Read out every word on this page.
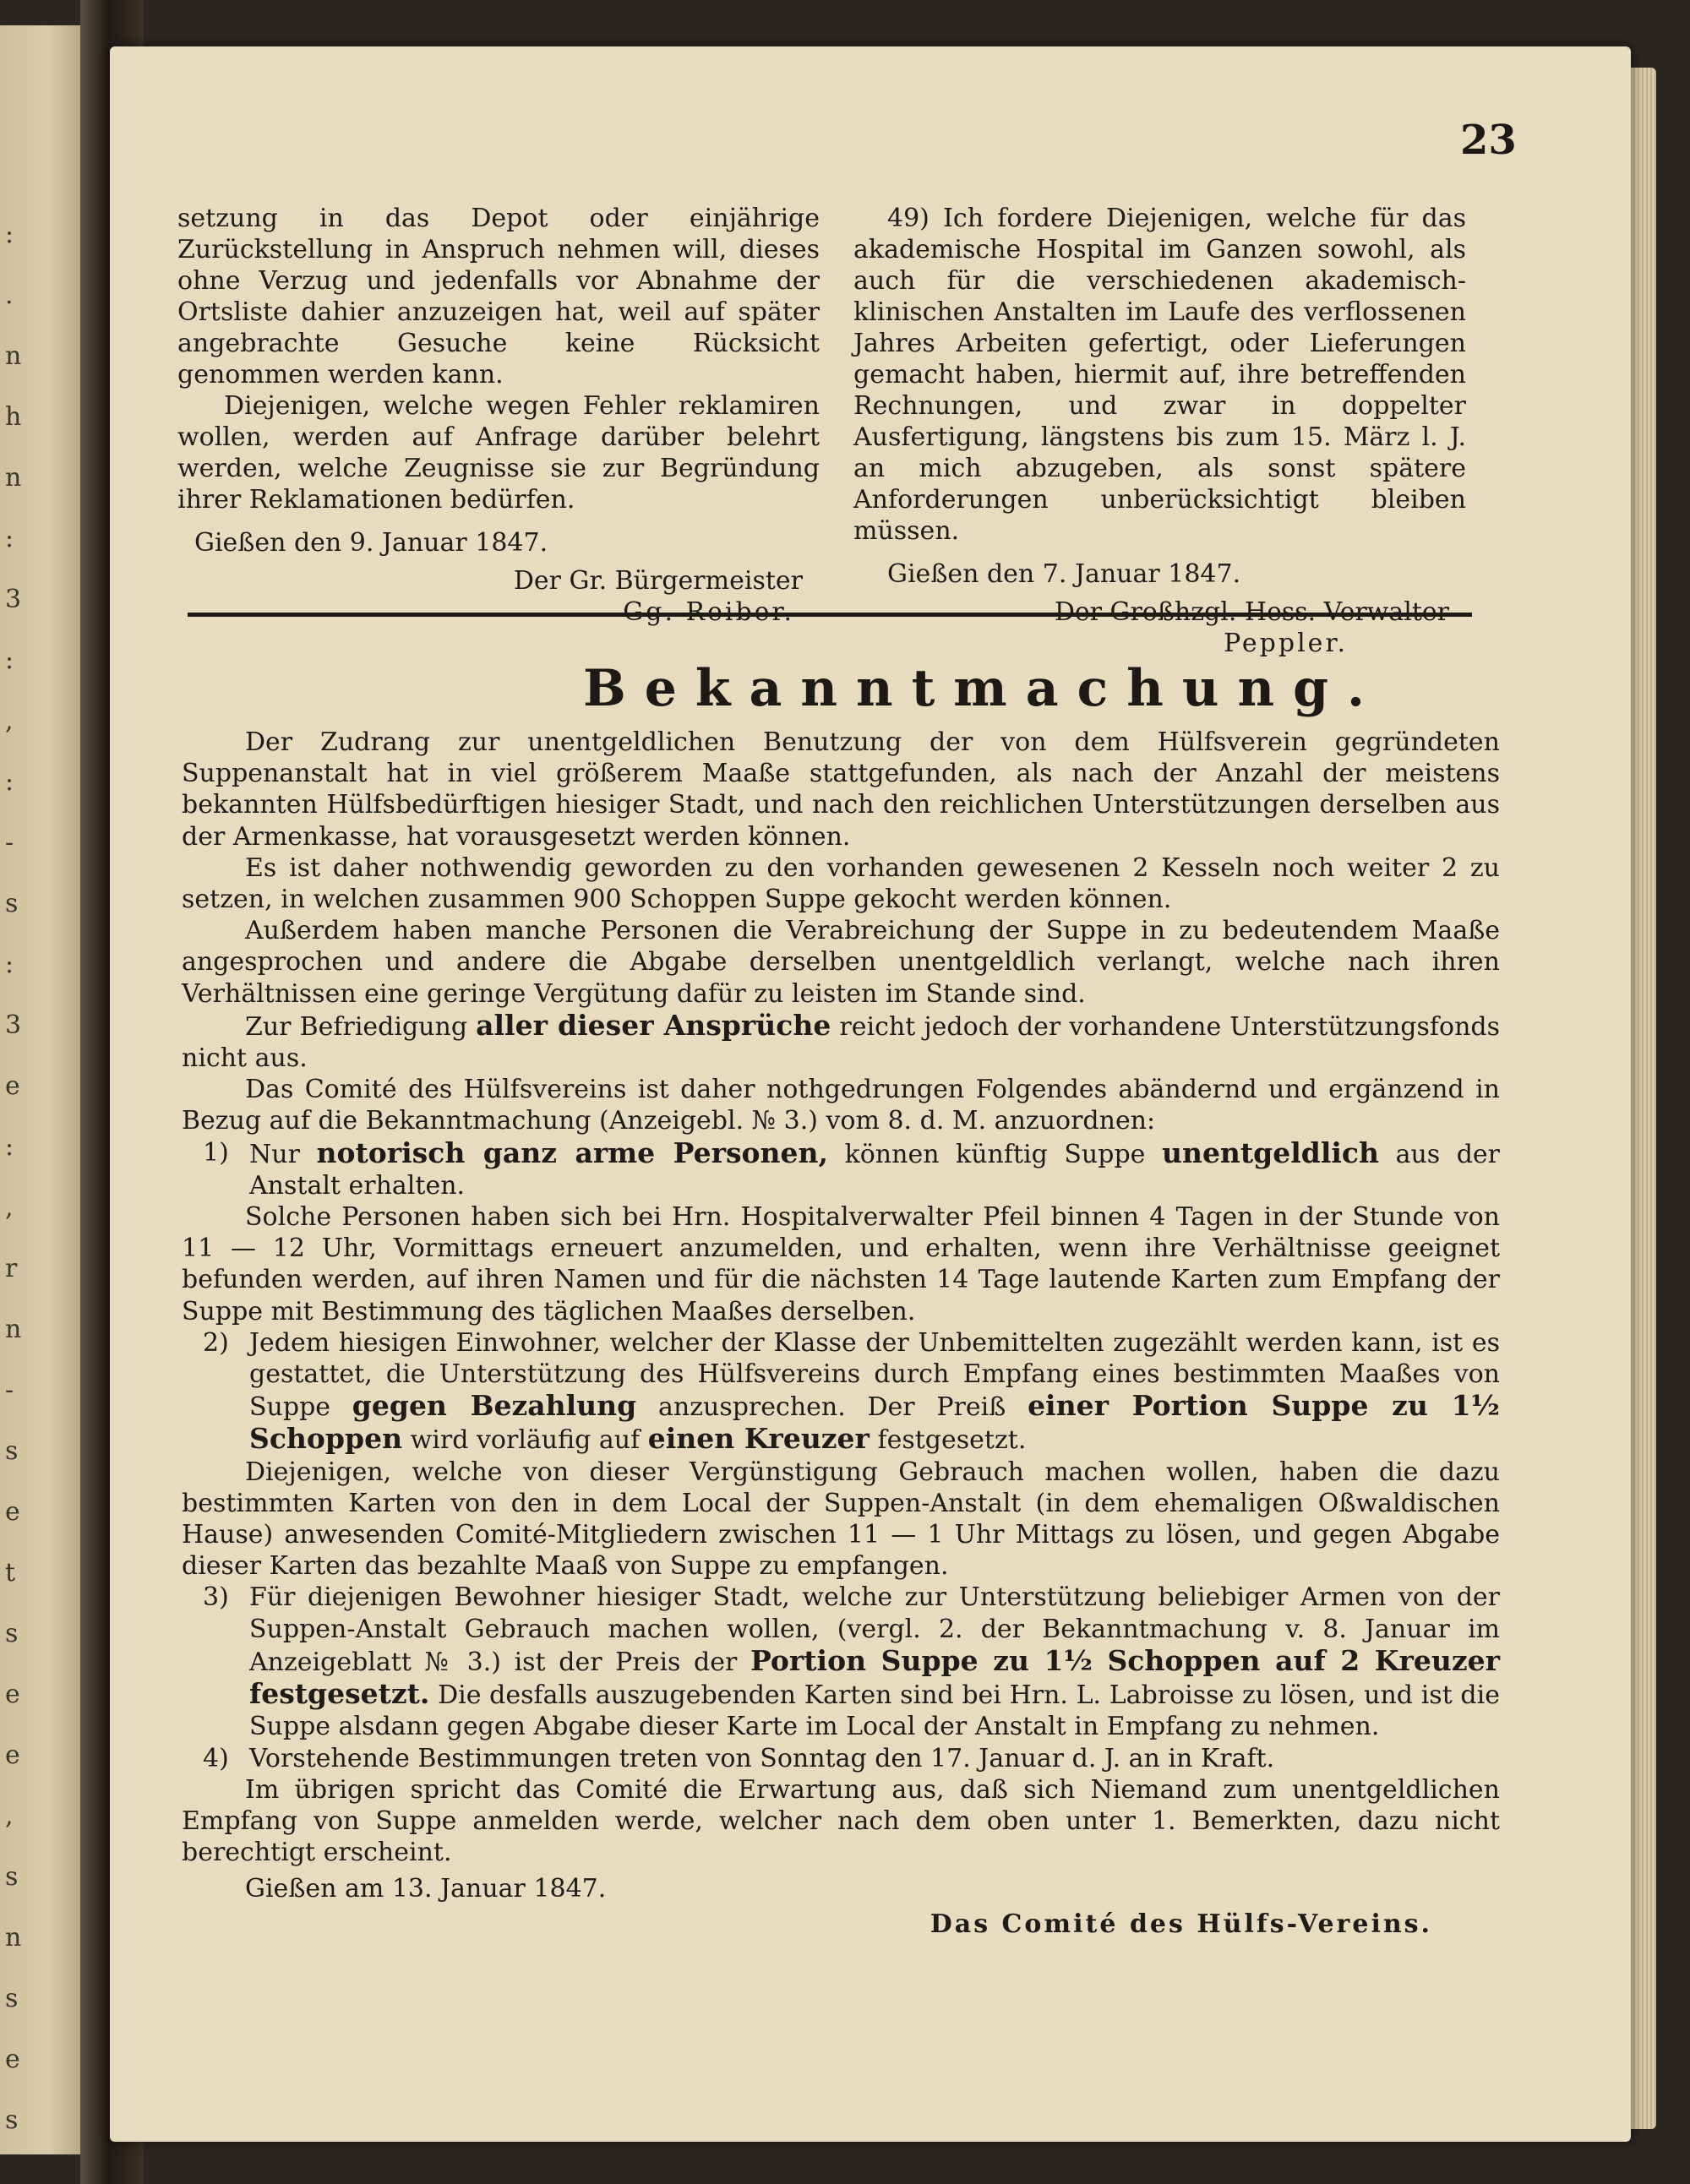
:
.
n
h
n
:
3
:
,
:
-
s
:
3
e
:
,
r
n
-
s
e
t
s
e
e
,
s
n
s
e
s
23

setzung in das Depot oder einjährige Zurückstellung in Anspruch nehmen will, dieses ohne Verzug und jedenfalls vor Abnahme der Ortsliste dahier anzuzeigen hat, weil auf später angebrachte Gesuche keine Rücksicht genommen werden kann.

Diejenigen, welche wegen Fehler reklamiren wollen, werden auf Anfrage darüber belehrt werden, welche Zeugnisse sie zur Begründung ihrer Reklamationen bedürfen.

Gießen den 9. Januar 1847.

Der Gr. Bürgermeister

49) Ich fordere Diejenigen, welche für das akademische Hospital im Ganzen sowohl, als auch für die verschiedenen akademisch-klinischen Anstalten im Laufe des verflossenen Jahres Arbeiten gefertigt, oder Lieferungen gemacht haben, hiermit auf, ihre betreffenden Rechnungen, und zwar in doppelter Ausfertigung, längstens bis zum 15. März l. J. an mich abzugeben, als sonst spätere Anforderungen unberücksichtigt bleiben müssen.

Gießen den 7. Januar 1847.

Peppler.

Bekanntmachung.

Der Zudrang zur unentgeldlichen Benutzung der von dem Hülfsverein gegründeten Suppenanstalt hat in viel größerem Maaße stattgefunden, als nach der Anzahl der meistens bekannten Hülfsbedürftigen hiesiger Stadt, und nach den reichlichen Unterstützungen derselben aus der Armenkasse, hat vorausgesetzt werden können.

Es ist daher nothwendig geworden zu den vorhanden gewesenen 2 Kesseln noch weiter 2 zu setzen, in welchen zusammen 900 Schoppen Suppe gekocht werden können.

Außerdem haben manche Personen die Verabreichung der Suppe in zu bedeutendem Maaße angesprochen und andere die Abgabe derselben unentgeldlich verlangt, welche nach ihren Verhältnissen eine geringe Vergütung dafür zu leisten im Stande sind.

Zur Befriedigung aller dieser Ansprüche reicht jedoch der vorhandene Unterstützungsfonds nicht aus.

Das Comité des Hülfsvereins ist daher nothgedrungen Folgendes abändernd und ergänzend in Bezug auf die Bekanntmachung (Anzeigebl. № 3.) vom 8. d. M. anzuordnen:

1) Nur notorisch ganz arme Personen, können künftig Suppe unentgeldlich aus der Anstalt erhalten.

Solche Personen haben sich bei Hrn. Hospitalverwalter Pfeil binnen 4 Tagen in der Stunde von 11 — 12 Uhr, Vormittags erneuert anzumelden, und erhalten, wenn ihre Verhältnisse geeignet befunden werden, auf ihren Namen und für die nächsten 14 Tage lautende Karten zum Empfang der Suppe mit Bestimmung des täglichen Maaßes derselben.

2) Jedem hiesigen Einwohner, welcher der Klasse der Unbemittelten zugezählt werden kann, ist es gestattet, die Unterstützung des Hülfsvereins durch Empfang eines bestimmten Maaßes von Suppe gegen Bezahlung anzusprechen. Der Preiß einer Portion Suppe zu 1½ Schoppen wird vorläufig auf einen Kreuzer festgesetzt.

Diejenigen, welche von dieser Vergünstigung Gebrauch machen wollen, haben die dazu bestimmten Karten von den in dem Local der Suppen-Anstalt (in dem ehemaligen Oßwaldischen Hause) anwesenden Comité-Mitgliedern zwischen 11 — 1 Uhr Mittags zu lösen, und gegen Abgabe dieser Karten das bezahlte Maaß von Suppe zu empfangen.

3) Für diejenigen Bewohner hiesiger Stadt, welche zur Unterstützung beliebiger Armen von der Suppen-Anstalt Gebrauch machen wollen, (vergl. 2. der Bekanntmachung v. 8. Januar im Anzeigeblatt № 3.) ist der Preis der Portion Suppe zu 1½ Schoppen auf 2 Kreuzer festgesetzt. Die desfalls auszugebenden Karten sind bei Hrn. L. Labroisse zu lösen, und ist die Suppe alsdann gegen Abgabe dieser Karte im Local der Anstalt in Empfang zu nehmen.

4) Vorstehende Bestimmungen treten von Sonntag den 17. Januar d. J. an in Kraft.

Im übrigen spricht das Comité die Erwartung aus, daß sich Niemand zum unentgeldlichen Empfang von Suppe anmelden werde, welcher nach dem oben unter 1. Bemerkten, dazu nicht berechtigt erscheint.

Gießen am 13. Januar 1847.

Das Comité des Hülfs-Vereins.
